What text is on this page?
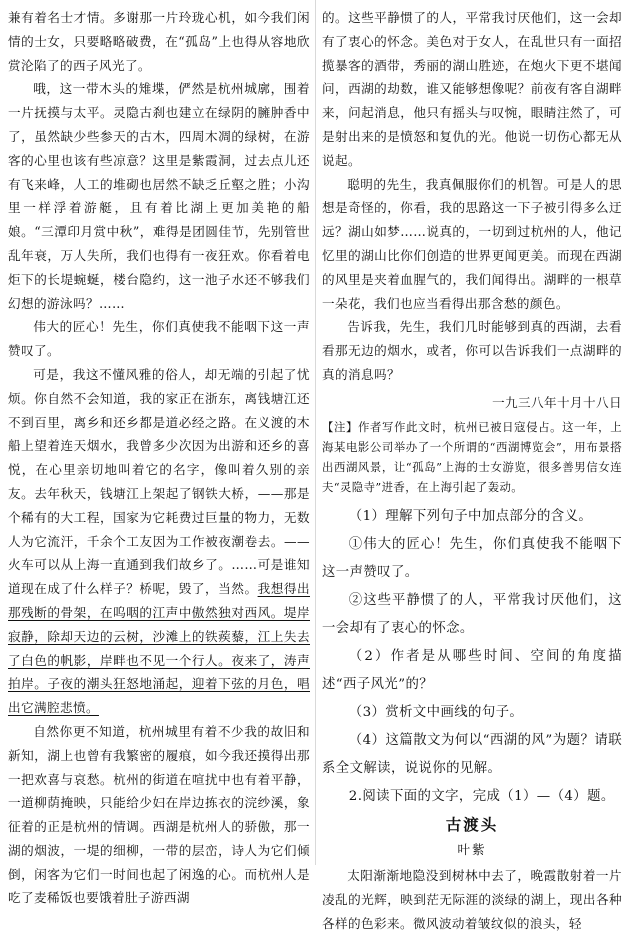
兼有着名士才情。多谢那一片玲珑心机，如今我们闲情的士女，只要略略破费，在“孤岛”上也得从容地欣赏沦陷了的西子风光了。

哦，这一带木头的雉堞，俨然是杭州城廓，围着一片抚摸与太平。灵隐古刹也建立在绿阴的臃肿香中了，虽然缺少些参天的古木，四周木凋的绿树，在游客的心里也该有些凉意？这里是紫霞洞，过去点儿还有飞来峰，人工的堆砌也居然不缺乏丘壑之胜；小沟里一样浮着游艇，且有着比湖上更加美艳的船娘。“三潭印月赏中秋”，难得是团圆佳节，先别管世乱年衰，万人失所，我们也得有一夜狂欢。你看着电炬下的长堤蜿蜒，楼台隐约，这一池子水还不够我们幻想的游泳吗？……

伟大的匠心！先生，你们真使我不能咽下这一声赞叹了。

可是，我这不懂风雅的俗人，却无端的引起了忧烦。你自然不会知道，我的家正在浙东，离钱塘江还不到百里，离乡和还乡都是道必经之路。在义渡的木船上望着连天烟水，我曾多少次因为出游和还乡的喜悦，在心里亲切地叫着它的名字，像叫着久别的亲友。去年秋天，钱塘江上架起了钢铁大桥，——那是个稀有的大工程，国家为它耗费过巨量的物力，无数人为它流汗，千余个工友因为工作被夜潮卷去。——火车可以从上海一直通到我们故乡了。……可是谁知道现在成了什么样子？桥呢，毁了，当然。我想得出那残断的骨架，在呜咽的江声中傲然独对西风。堤岸寂静，除却天边的云树，沙滩上的铁蒺藜，江上失去了白色的帆影，岸畔也不见一个行人。夜来了，涛声拍岸。子夜的潮头狂怒地涌起，迎着下弦的月色，唱出它满腔悲愤。

自然你更不知道，杭州城里有着不少我的故旧和新知，湖上也曾有我繁密的履痕，如今我还摸得出那一把欢喜与哀愁。杭州的街道在喧扰中也有着平静，一道柳荫掩映，只能给少妇在岸边拣衣的浣纱溪，象征着的正是杭州的情调。西湖是杭州人的骄傲，那一湖的烟波，一堤的细柳，一带的层峦，诗人为它们倾倒，闲客为它们一时间也起了闲逸的心。而杭州人是吃了麦稀饭也要饿着肚子游西湖

的。这些平静惯了的人，平常我讨厌他们，这一会却有了衷心的怀念。美色对于女人，在乱世只有一面招揽暴客的酒带，秀丽的湖山胜迹，在炮火下更不堪闻问，西湖的劫数，谁又能够想像呢？前夜有客自湖畔来，问起消息，他只有摇头与叹惋，眼睛注然了，可是射出来的是愤怒和复仇的光。他说一切伤心都无从说起。

聪明的先生，我真佩服你们的机智。可是人的思想是奇怪的，你看，我的思路这一下子被引得多么迂远？湖山如梦……说真的，一切到过杭州的人，他记忆里的湖山比你们创造的世界更闻更美。而现在西湖的风里是夹着血腥气的，我们闻得出。湖畔的一根草一朵花，我们也应当看得出那含愁的颜色。

告诉我，先生，我们几时能够到真的西湖，去看看那无边的烟水，或者，你可以告诉我们一点湖畔的真的消息吗？

一九三八年十月十八日

【注】作者写作此文时，杭州已被日寇侵占。这一年，上海某电影公司举办了一个所谓的“西湖博览会”，用布景搭出西湖风景，让“孤岛”上海的士女游览，很多善男信女连夫“灵隐寺”进香，在上海引起了轰动。

（1）理解下列句子中加点部分的含义。

①伟大的匠心！先生，你们真使我不能咽下这一声赞叹了。

②这些平静惯了的人，平常我讨厌他们，这一会却有了衷心的怀念。

（2）作者是从哪些时间、空间的角度描述“西子风光”的？

（3）赏析文中画线的句子。

（4）这篇散文为何以“西湖的风”为题？请联系全文解读，说说你的见解。

2.阅读下面的文字，完成（1）—（4）题。

古渡头

叶紫

太阳渐渐地隐没到树林中去了，晚霞散射着一片凌乱的光辉，映到茫无际涯的淡绿的湖上，现出各种各样的色彩来。微风波动着皱纹似的浪头，轻
